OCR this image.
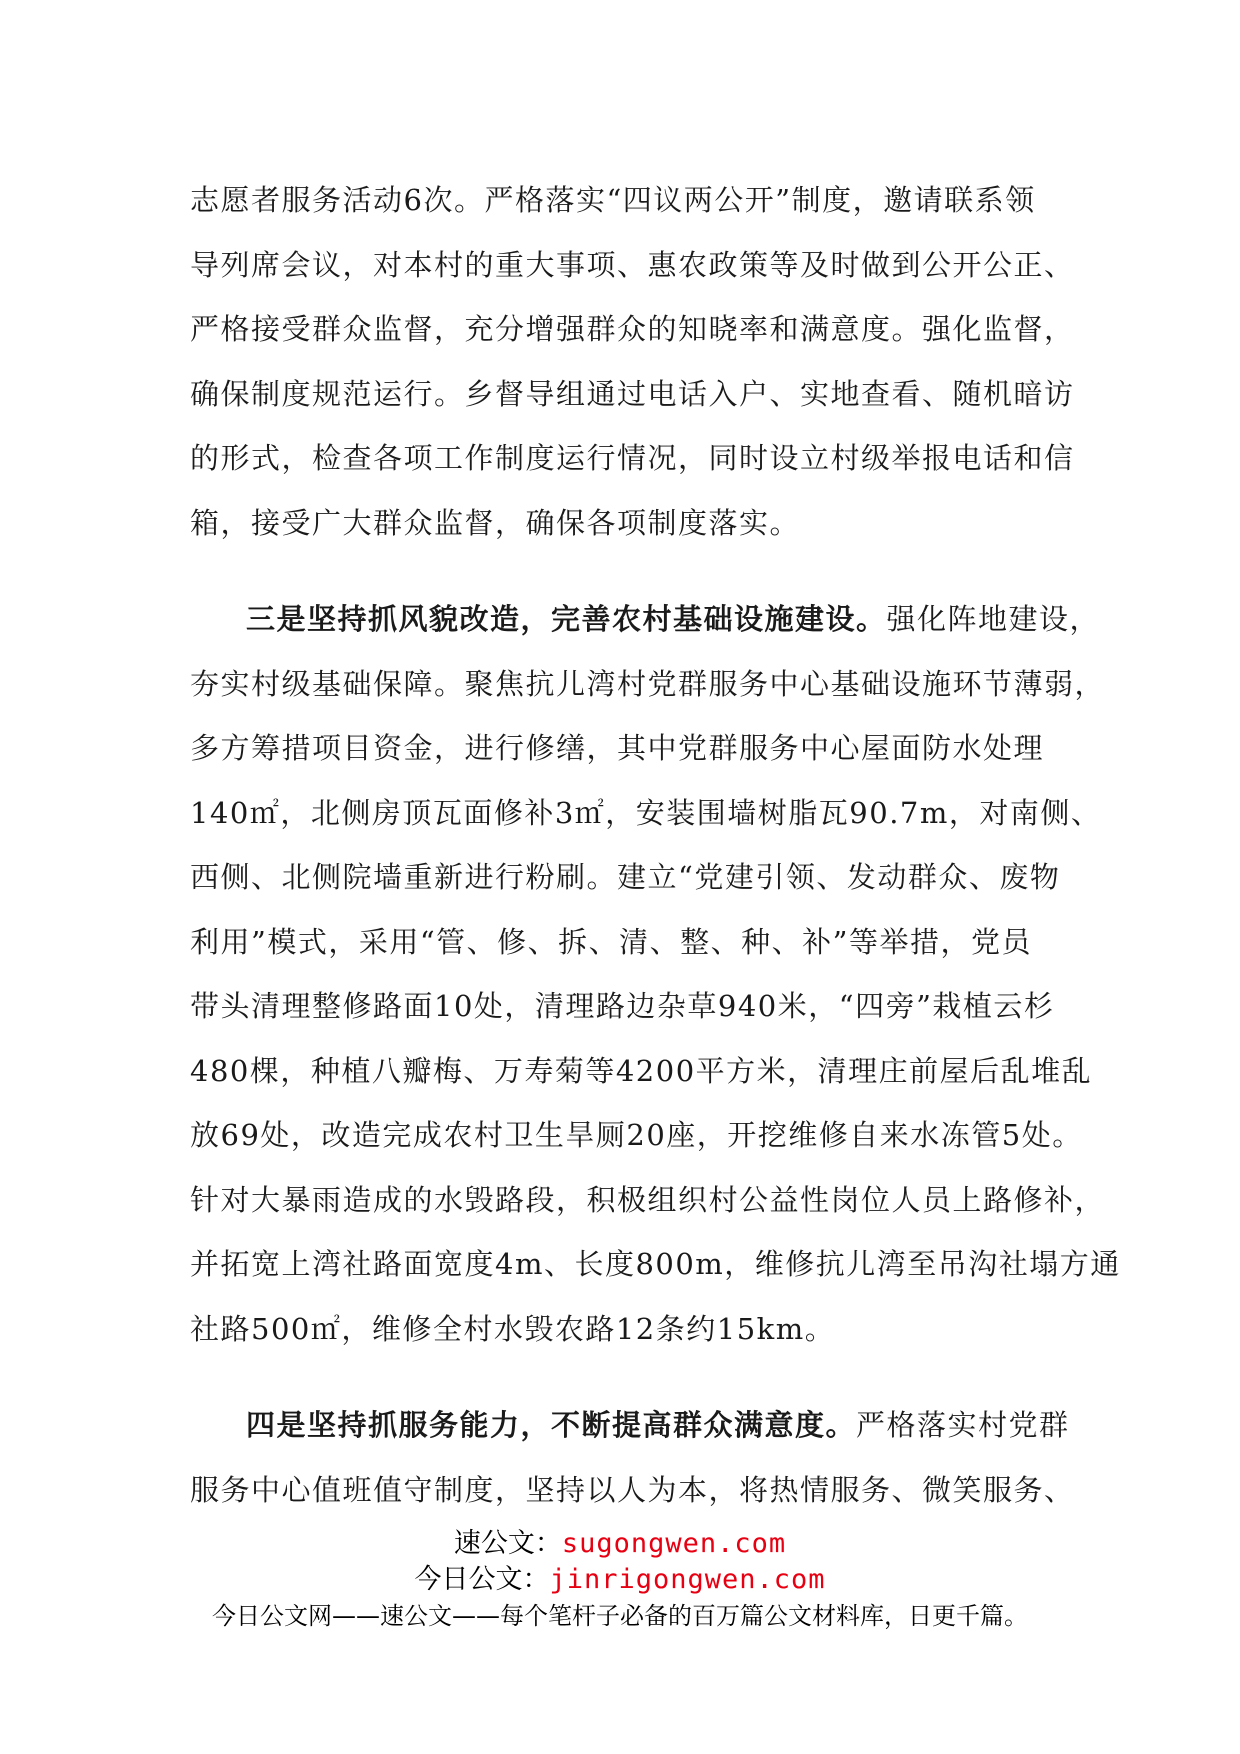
志愿者服务活动6次。严格落实“四议两公开”制度，邀请联系领
导列席会议，对本村的重大事项、惠农政策等及时做到公开公正、
严格接受群众监督，充分增强群众的知晓率和满意度。强化监督，
确保制度规范运行。乡督导组通过电话入户、实地查看、随机暗访
的形式，检查各项工作制度运行情况，同时设立村级举报电话和信
箱，接受广大群众监督，确保各项制度落实。
三是坚持抓风貌改造，完善农村基础设施建设。强化阵地建设，
夯实村级基础保障。聚焦抗儿湾村党群服务中心基础设施环节薄弱，
多方筹措项目资金，进行修缮，其中党群服务中心屋面防水处理
140㎡，北侧房顶瓦面修补3㎡，安装围墙树脂瓦90.7m，对南侧、
西侧、北侧院墙重新进行粉刷。建立“党建引领、发动群众、废物
利用”模式，采用“管、修、拆、清、整、种、补”等举措，党员
带头清理整修路面10处，清理路边杂草940米，“四旁”栽植云杉
480棵，种植八瓣梅、万寿菊等4200平方米，清理庄前屋后乱堆乱
放69处，改造完成农村卫生旱厕20座，开挖维修自来水冻管5处。
针对大暴雨造成的水毁路段，积极组织村公益性岗位人员上路修补，
并拓宽上湾社路面宽度4m、长度800m，维修抗儿湾至吊沟社塌方通
社路500㎡，维修全村水毁农路12条约15km。
四是坚持抓服务能力，不断提高群众满意度。严格落实村党群
服务中心值班值守制度，坚持以人为本，将热情服务、微笑服务、
速公文：sugongwen.com
今日公文：jinrigongwen.com
今日公文网——速公文——每个笔杆子必备的百万篇公文材料库，日更千篇。
